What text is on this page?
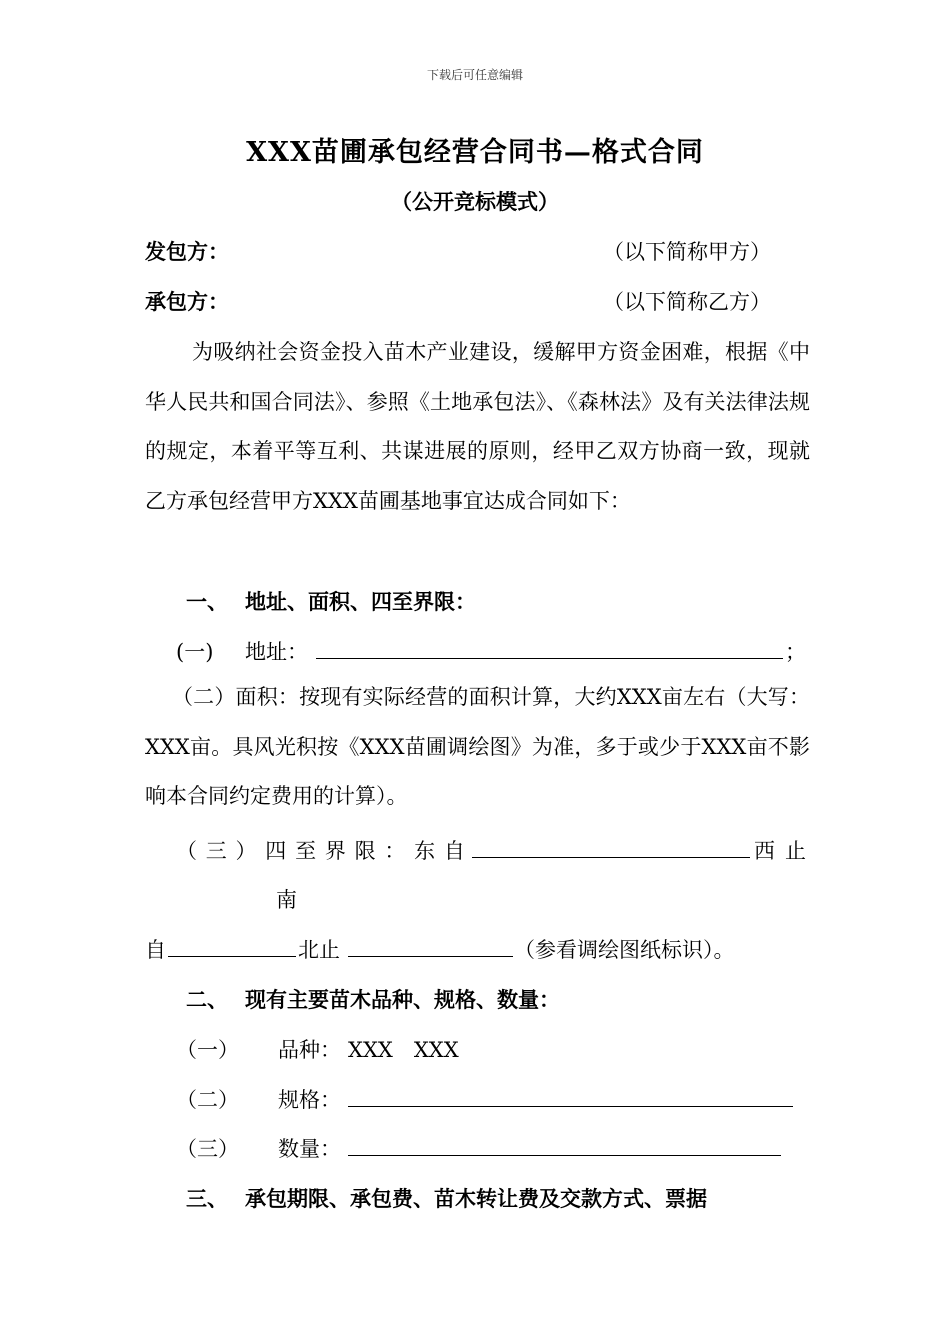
下载后可任意编辑
XXX苗圃承包经营合同书—格式合同
（公开竞标模式）
发包方：	（以下简称甲方）
承包方：	（以下简称乙方）
为吸纳社会资金投入苗木产业建设，缓解甲方资金困难，根据《中华人民共和国合同法》、参照《土地承包法》、《森林法》及有关法律法规的规定，本着平等互利、共谋进展的原则，经甲乙双方协商一致，现就乙方承包经营甲方XXX苗圃基地事宜达成合同如下：
一、 地址、面积、四至界限：
(一) 地址：	；
（二）面积：按现有实际经营的面积计算，大约XXX亩左右（大写：XXX亩。具风光积按《XXX苗圃调绘图》为准，多于或少于XXX亩不影响本合同约定费用的计算）。
（ 三 ） 四 至 界 限 ： 东 自	西 止
南
自	北止	（参看调绘图纸标识）。
二、 现有主要苗木品种、规格、数量：
（一） 品种： XXX　XXX
（二） 规格：
（三） 数量：
三、 承包期限、承包费、苗木转让费及交款方式、票据
